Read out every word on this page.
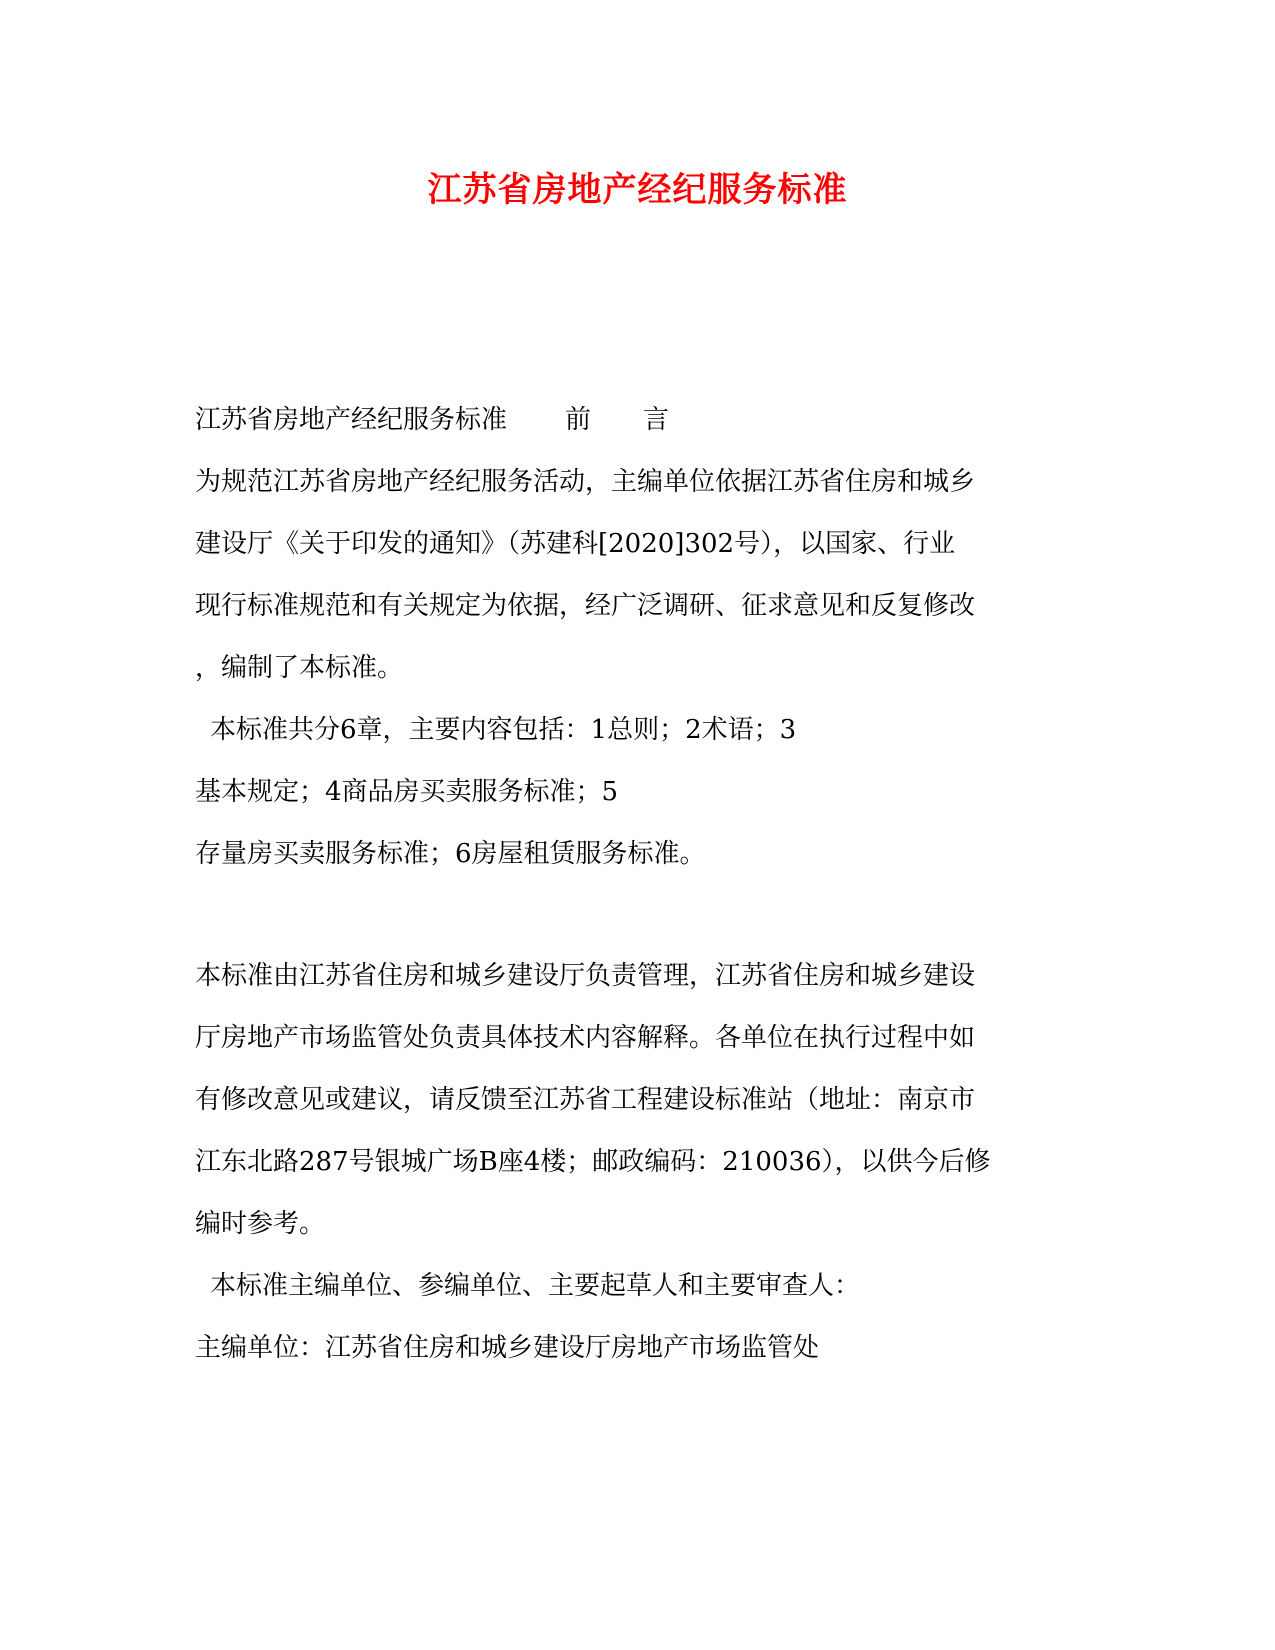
江苏省房地产经纪服务标准
江苏省房地产经纪服务标准 前 言
为规范江苏省房地产经纪服务活动，主编单位依据江苏省住房和城乡
建设厅《关于印发的通知》（苏建科[2020]302号），以国家、行业
现行标准规范和有关规定为依据，经广泛调研、征求意见和反复修改
，编制了本标准。
本标准共分6章，主要内容包括：1总则；2术语；3
基本规定；4商品房买卖服务标准；5
存量房买卖服务标准；6房屋租赁服务标准。
本标准由江苏省住房和城乡建设厅负责管理，江苏省住房和城乡建设
厅房地产市场监管处负责具体技术内容解释。各单位在执行过程中如
有修改意见或建议，请反馈至江苏省工程建设标准站（地址：南京市
江东北路287号银城广场B座4楼；邮政编码：210036），以供今后修
编时参考。
本标准主编单位、参编单位、主要起草人和主要审查人：
主编单位：江苏省住房和城乡建设厅房地产市场监管处
